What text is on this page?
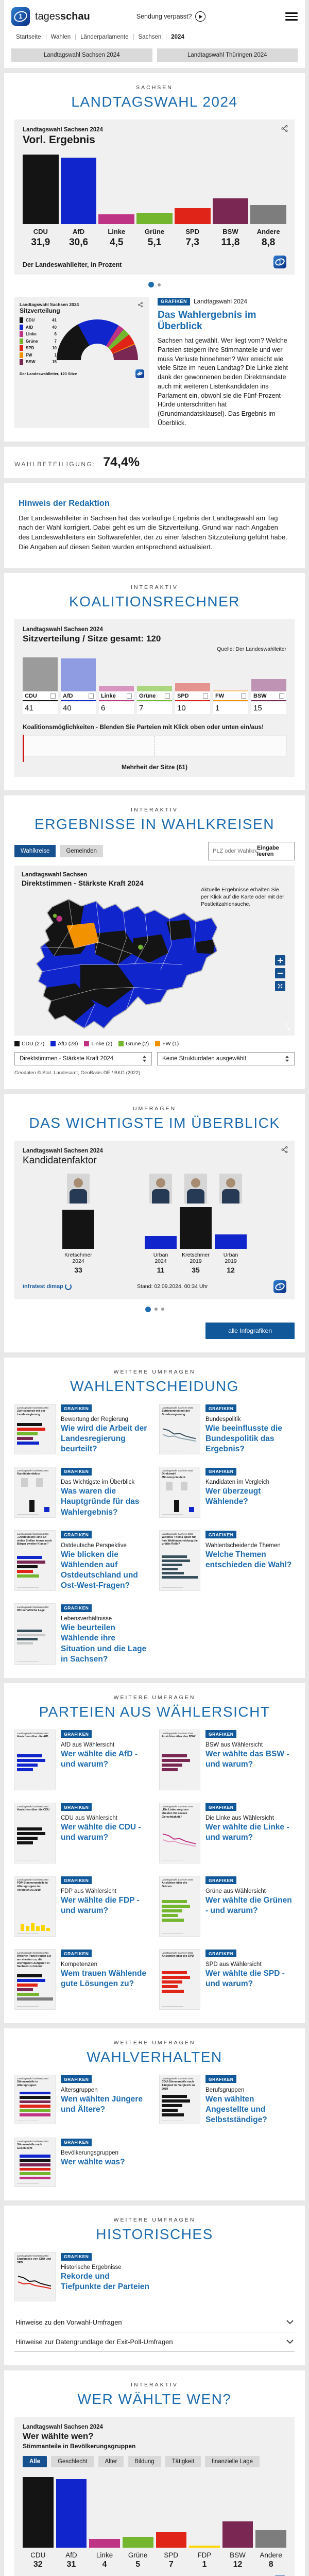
1
tagesschau	Sendung verpasst?
Startseite	Wahlen	Länderparlamente	Sachsen	2024
Landtagswahl Sachsen 2024	Landtagswahl Thüringen 2024
SACHSEN
LANDTAGSWAHL 2024
Landtagswahl Sachsen 2024
Vorl. Ergebnis
CDU
31,9
AfD
30,6
Linke
4,5
Grüne
5,1
SPD
7,3
BSW
11,8
Andere
8,8
Der Landeswahlleiter, in Prozent
1
Landtagswahl Sachsen 2024
Sitzverteilung
CDU	41
AfD	40
Linke	6
Grüne	7
SPD	10
FW	1
BSW	15
Der Landeswahlleiter, 120 Sitze
1
GRAFIKEN Landtagswahl 2024
Das Wahlergebnis im Überblick

Sachsen hat gewählt. Wer liegt vorn? Welche Parteien steigern ihre Stimmanteile und wer muss Verluste hinnehmen? Wer erreicht wie viele Sitze im neuen Landtag? Die Linke zieht dank der gewonnenen beiden Direktmandate auch mit weiteren Listenkandidaten ins Parlament ein, obwohl sie die Fünf-Prozent-Hürde unterschritten hat (Grundmandatsklausel). Das Ergebnis im Überblick.

WAHLBETEILIGUNG: 74,4%
Hinweis der Redaktion

Der Landeswahlleiter in Sachsen hat das vorläufige Ergebnis der Landtagswahl am Tag nach der Wahl korrigiert. Dabei geht es um die Sitzverteilung. Grund war nach Angaben des Landeswahlleiters ein Softwarefehler, der zu einer falschen Sitzzuteilung geführt habe. Die Angaben auf diesen Seiten wurden entsprechend aktualisiert.

INTERAKTIV
KOALITIONSRECHNER
Landtagswahl Sachsen 2024
Sitzverteilung / Sitze gesamt: 120
Quelle: Der Landeswahlleiter
CDU
41
AfD
40
Linke
6
Grüne
7
SPD
10
FW
1
BSW
15
Koalitionsmöglichkeiten - Blenden Sie Parteien mit Klick oben oder unten ein/aus!
Mehrheit der Sitze (61)
INTERAKTIV
ERGEBNISSE IN WAHLKREISEN
Wahlkreise	Gemeinden
PLZ oder Wahlkreis	Eingabe leeren
Landtagswahl Sachsen
Direktstimmen - Stärkste Kraft 2024
Aktuelle Ergebnisse erhalten Sie per Klick auf die Karte oder mit der Postleitzahlensuche.
CDU (27) AfD (28) Linke (2) Grüne (2) FW (1)
Direktstimmen - Stärkste Kraft 2024	Keine Strukturdaten ausgewählt
Geodaten © Stat. Landesamt, GeoBasis-DE / BKG (2022)
UMFRAGEN
DAS WICHTIGSTE IM ÜBERBLICK
Landtagswahl Sachsen 2024
Kandidatenfaktor
Kretschmer
2024
33
Urban
2024
11
Kretschmer
2019
35
Urban
2019
12
infratest dimap	Stand: 02.09.2024, 00:34 Uhr
1
alle Infografiken
WEITERE UMFRAGEN
WAHLENTSCHEIDUNG
Landtagswahl Sachsen 2024
Zufriedenheit mit der Landesregierung
GRAFIKEN
Bewertung der Regierung
Wie wird die Arbeit der Landesregierung beurteilt?
Landtagswahl Sachsen 2024
Zufriedenheit mit der Bundesregierung
GRAFIKEN
Bundespolitik
Wie beeinflusste die Bundespolitik das Ergebnis?
Landtagswahl Sachsen 2024
Kandidatenfaktor	GRAFIKEN
Das Wichtigste im Überblick
Was waren die Hauptgründe für das Wahlergebnis?
Landtagswahl Sachsen 2024
Direktwahl Ministerpräsident
GRAFIKEN
Kandidaten im Vergleich
Wer überzeugt Wählende?
Landtagswahl Sachsen 2024
„Ostdeutsche sind an vielen Stellen immer noch Bürger zweiter Klasse.“
GRAFIKEN
Ostdeutsche Perspektive
Wie blicken die Wählenden auf Ostdeutschland und Ost-West-Fragen?
Landtagswahl Sachsen 2024
Welches Thema spielt für Ihre Wahlentscheidung die größte Rolle?
GRAFIKEN
Wahlentscheidende Themen
Welche Themen entschieden die Wahl?
Landtagswahl Sachsen 2024
Wirtschaftliche Lage	GRAFIKEN
Lebensverhältnisse
Wie beurteilen Wählende ihre Situation und die Lage in Sachsen?
WEITERE UMFRAGEN
PARTEIEN AUS WÄHLERSICHT
Landtagswahl Sachsen 2024
Ansichten über die AfD	GRAFIKEN
AfD aus Wählersicht
Wer wählte die AfD - und warum?
Landtagswahl Sachsen 2024
Ansichten über das BSW	GRAFIKEN
BSW aus Wählersicht
Wer wählte das BSW - und warum?
Landtagswahl Sachsen 2024
Ansichten über die CDU	GRAFIKEN
CDU aus Wählersicht
Wer wählte die CDU - und warum?
Landtagswahl Sachsen 2024
„Die Linke sorgt am ehesten für soziale Gerechtigkeit.“
GRAFIKEN
Die Linke aus Wählersicht
Wer wählte die Linke - und warum?
Landtagswahl Sachsen 2024
FDP-Stimmenanteile in Altersgruppen im Vergleich zu 2019
GRAFIKEN
FDP aus Wählersicht
Wer wählte die FDP - und warum?
Landtagswahl Sachsen 2024
Ansichten über die Grünen
GRAFIKEN
Grüne aus Wählersicht
Wer wählte die Grünen - und warum?
Landtagswahl Sachsen 2024
Welcher Partei trauen Sie am ehesten zu, die wichtigsten Aufgaben in Sachsen zu lösen?
GRAFIKEN
Kompetenzen
Wem trauen Wählende gute Lösungen zu?
Landtagswahl Sachsen 2024
Ansichten über die SPD	GRAFIKEN
SPD aus Wählersicht
Wer wählte die SPD - und warum?
WEITERE UMFRAGEN
WAHLVERHALTEN
Landtagswahl Sachsen 2024
Stimmanteile in Altersgruppen
GRAFIKEN
Altersgruppen
Wen wählten Jüngere und Ältere?
Landtagswahl Sachsen 2024
CDU-Stimmanteile nach Tätigkeit im Vergleich zu 2019
GRAFIKEN
Berufsgruppen
Wen wählten Angestellte und Selbstständige?
Landtagswahl Sachsen 2024
Stimmanteile nach Geschlecht
GRAFIKEN
Bevölkerungsgruppen
Wer wählte was?
WEITERE UMFRAGEN
HISTORISCHES
Landtagswahl Sachsen 2024
Ergebnisse von CDU und SPD
GRAFIKEN
Historische Ergebnisse
Rekorde und Tiefpunkte der Parteien
Hinweise zu den Vorwahl-Umfragen
Hinweise zur Datengrundlage der Exit-Poll-Umfragen
INTERAKTIV
WER WÄHLTE WEN?
Landtagswahl Sachsen 2024
Wer wählte wen?
Stimmanteile in Bevölkerungsgruppen
Alle	Geschlecht	Alter	Bildung	Tätigkeit	finanzielle Lage
CDU
32
AfD
31
Linke
4
Grüne
5
SPD
7
FDP
1
BSW
12
Andere
8
1
